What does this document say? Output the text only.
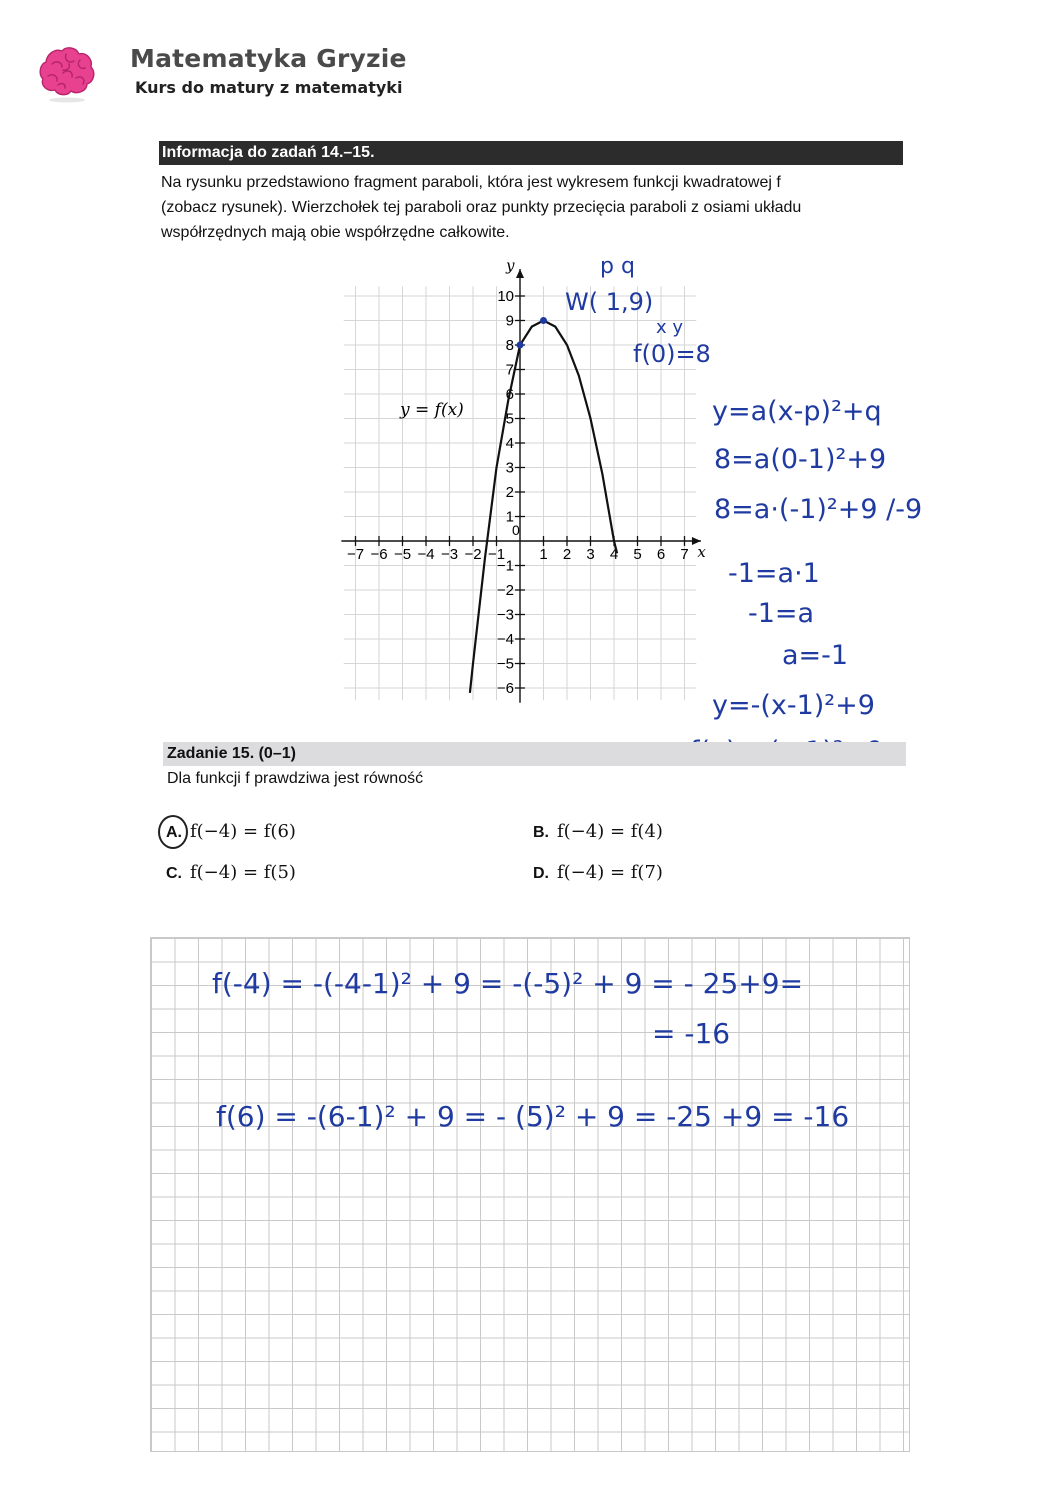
Matematyka Gryzie
Kurs do matury z matematyki
Informacja do zadań 14.–15.

Na rysunku przedstawiono fragment paraboli, która jest wykresem funkcji kwadratowej f

(zobacz rysunek). Wierzchołek tej paraboli oraz punkty przecięcia paraboli z osiami układu

współrzędnych mają obie współrzędne całkowite.

x
y
0
−7 −6 −5 −4 −3 −2 −1 1 2 3 4 5 6 7
10
9
8
7
6
5
4
3
2
1
−1
−2
−3
−4
−5
−6
y = f(x)
p q
W( 1,9)
x y
f(0)=8
y=a(x-p)²+q
8=a(0-1)²+9
8=a·(-1)²+9 /-9
-1=a·1
-1=a
a=-1
y=-(x-1)²+9
Zadanie 15. (0–1)
Dla funkcji f prawdziwa jest równość
A. f(−4) = f(6)	B. f(−4) = f(4)
C. f(−4) = f(5)	D. f(−4) = f(7)
f(-4) = -(-4-1)² + 9 = -(-5)² + 9 = - 25+9=
= -16
f(6) = -(6-1)² + 9 = - (5)² + 9 = -25 +9 = -16
